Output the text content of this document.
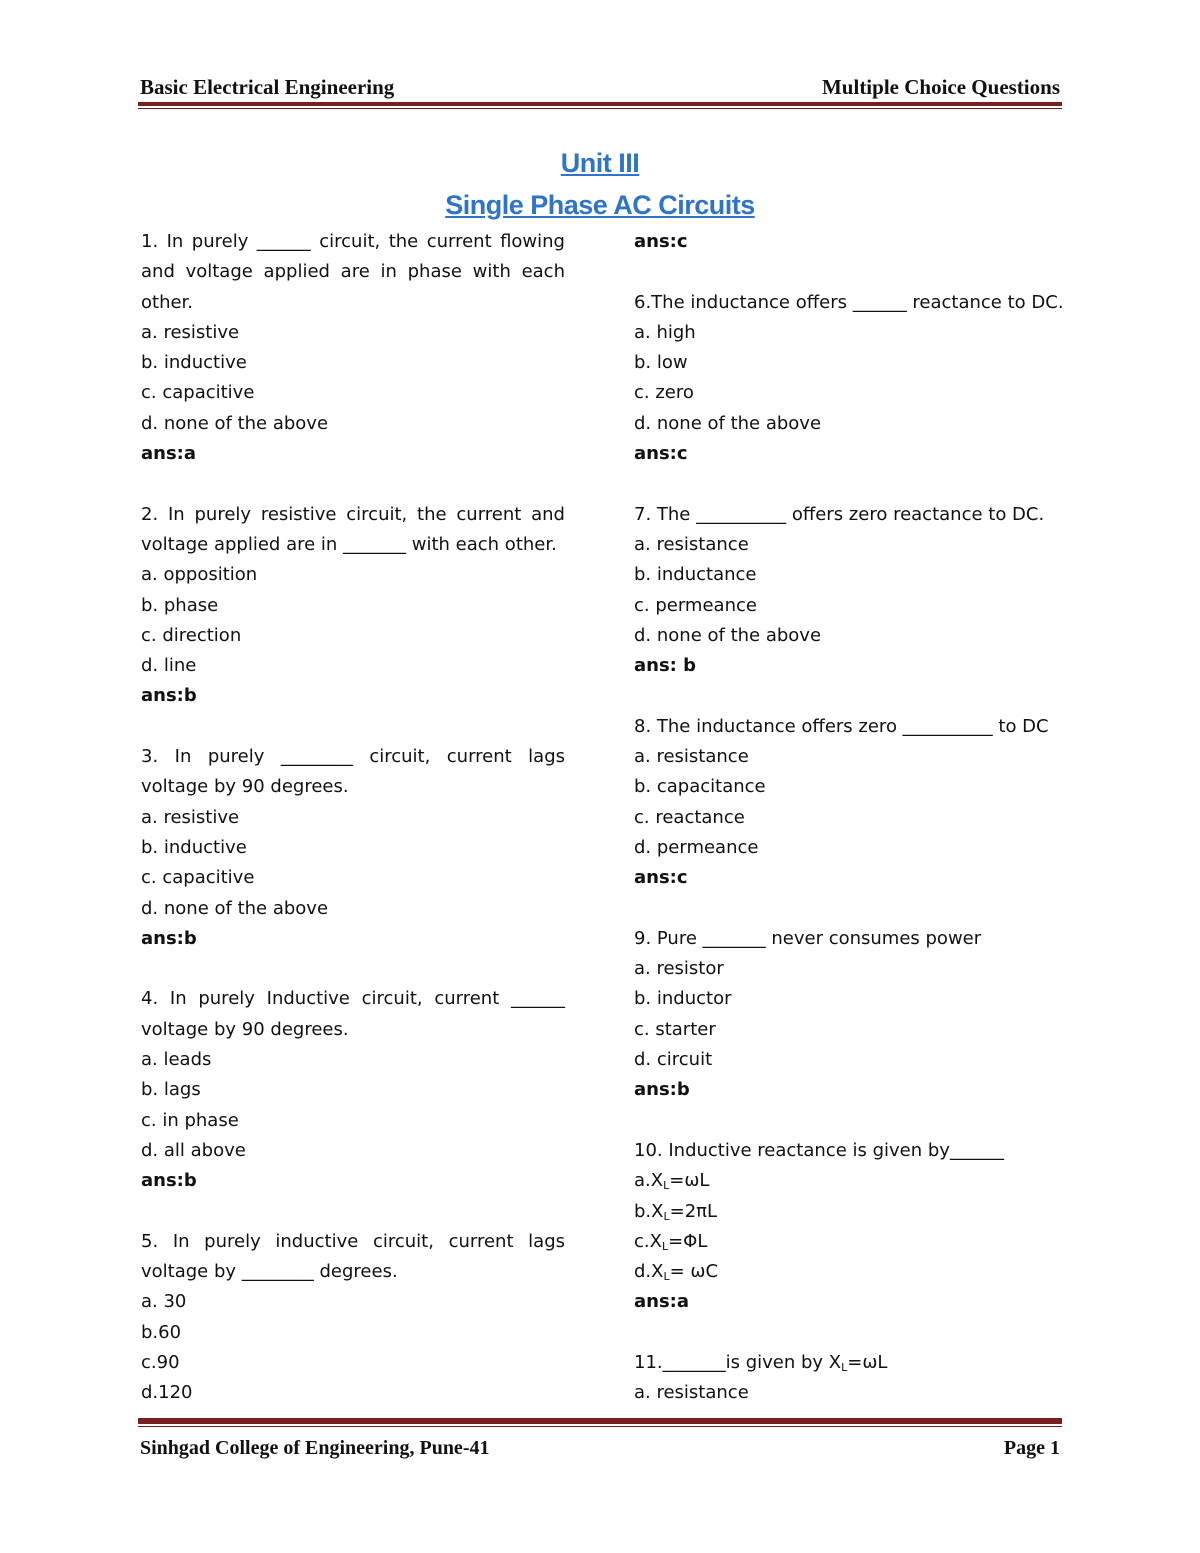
Basic Electrical Engineering	Multiple Choice Questions
Unit III
Single Phase AC Circuits
1. In purely ______ circuit, the current flowing and voltage applied are in phase with each other.
a. resistive
b. inductive
c. capacitive
d. none of the above
ans:a
2. In purely resistive circuit, the current and voltage applied are in _______ with each other.
a. opposition
b. phase
c. direction
d. line
ans:b
3. In purely ________ circuit, current lags voltage by 90 degrees.
a. resistive
b. inductive
c. capacitive
d. none of the above
ans:b
4. In purely Inductive circuit, current ______ voltage by 90 degrees.
a. leads
b. lags
c. in phase
d. all above
ans:b
5. In purely inductive circuit, current lags voltage by ________ degrees.
a. 30
b.60
c.90
d.120
ans:c
6.The inductance offers ______ reactance to DC.
a. high
b. low
c. zero
d. none of the above
ans:c
7. The __________ offers zero reactance to DC.
a. resistance
b. inductance
c. permeance
d. none of the above
ans: b
8. The inductance offers zero __________ to DC
a. resistance
b. capacitance
c. reactance
d. permeance
ans:c
9. Pure _______ never consumes power
a. resistor
b. inductor
c. starter
d. circuit
ans:b
10. Inductive reactance is given by______
$a.X_L=\omega L$
$b.X_L=2\pi L$
$c.X_L=\Phi L$
$d.X_L= \omega C$
ans:a
11._______is given by $X_L=\omega L$
a. resistance
Sinhgad College of Engineering, Pune-41	Page 1
